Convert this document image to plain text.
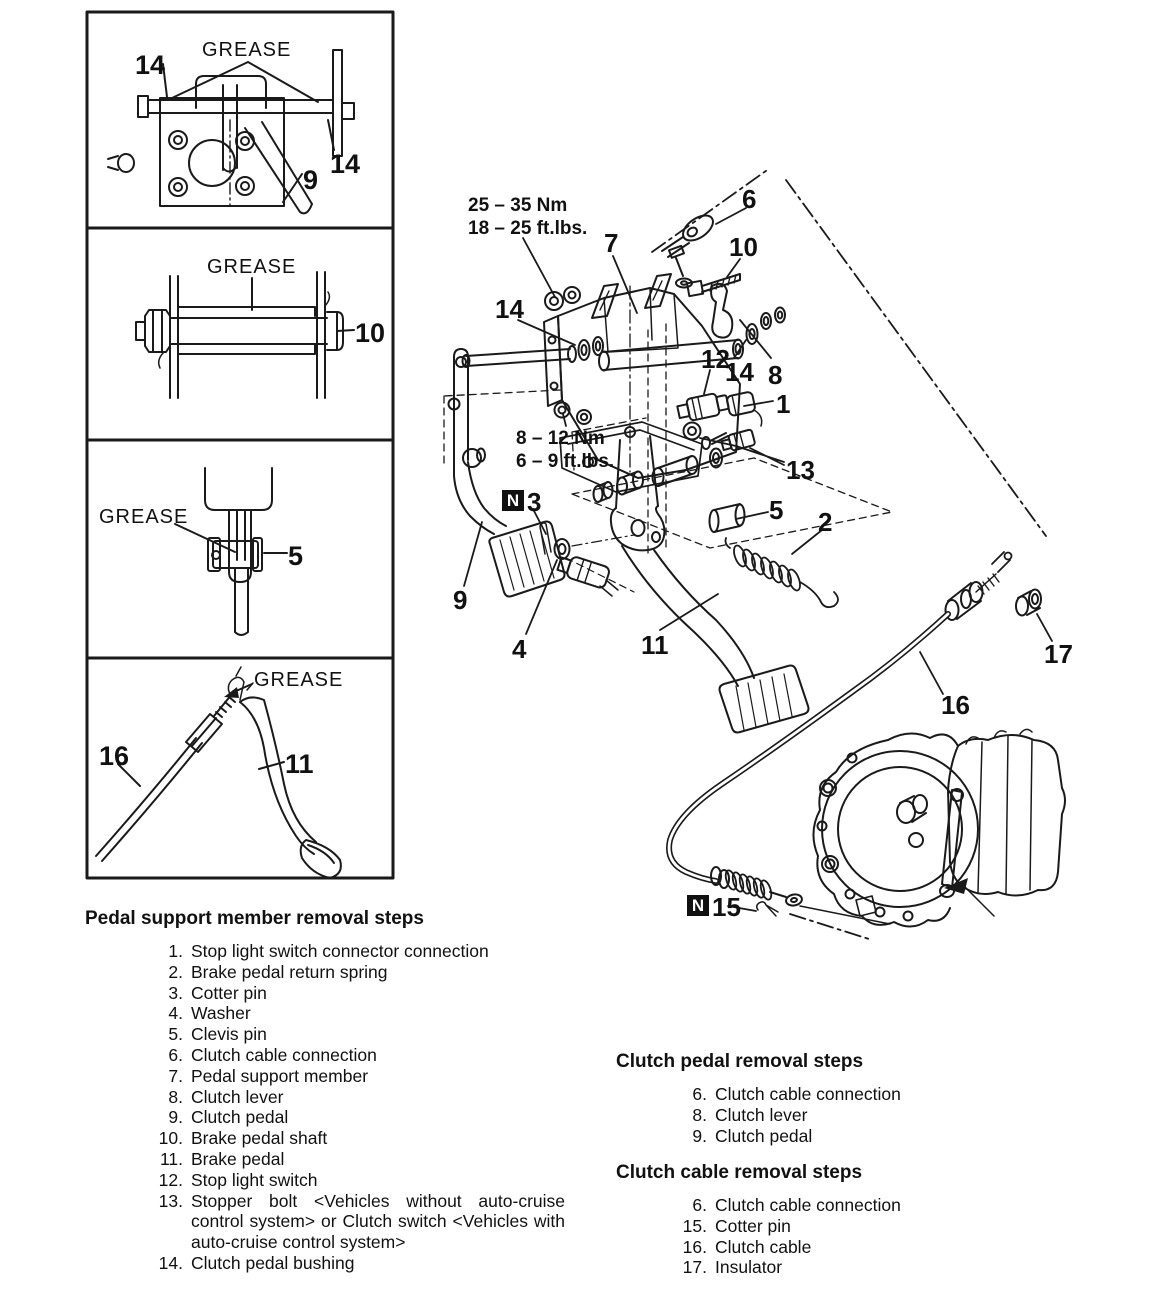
14 GREASE
14
9
GREASE
10
GREASE
5
16
GREASE
11
25 – 35 Nm
18 – 25 ft.lbs.
8 – 12 Nm
6 – 9 ft.lbs.
6
7	10
14
12
14 8
1
13
N 3	5 2
9
4	11	17
16
N 15
Pedal support member removal steps
1. Stop light switch connector connection
2. Brake pedal return spring
3. Cotter pin
4. Washer
5. Clevis pin
6. Clutch cable connection
7. Pedal support member
8. Clutch lever
9. Clutch pedal
10. Brake pedal shaft
11. Brake pedal
12. Stop light switch
13. Stopper bolt <Vehicles without auto-cruise control system> or Clutch switch <Vehicles with auto-cruise control system>
14. Clutch pedal bushing
Clutch pedal removal steps
6. Clutch cable connection
8. Clutch lever
9. Clutch pedal
Clutch cable removal steps
6. Clutch cable connection
15. Cotter pin
16. Clutch cable
17. Insulator
